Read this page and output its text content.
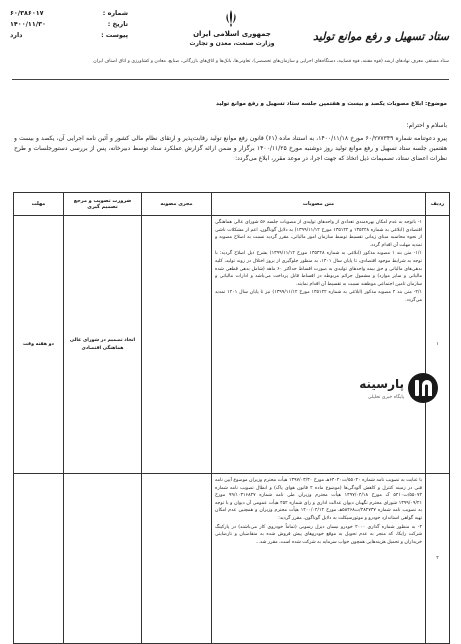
شماره :
۶۰/۳۸۶۰۱۷
تاریخ :
۱۴۰۰/۱۱/۳۰
پیوست :
دارد	جمهوری اسلامی ایران
وزارت صنعت، معدن و تجارت
ستاد تسهیل و رفع موانع تولید
ستاد مستقر، معرف نهادهای ارشد (قوه مقننه، قوه قضاییه، دستگاه‌های اجرایی و سازمان‌های تخصصی)، تعاونی‌ها، بانک‌ها و اتاق‌های بازرگانی، صنایع، معادن و کشاورزی و اتاق اصناف ایران
موضوع: ابلاغ مصوبات یکصد و بیست و هفتمین جلسه ستاد تسهیل و رفع موانع تولید
باسلام و احترام؛
پیرو دعوتنامه شماره ۶۰/۲۷۷۳۴۹ مورخ ۱۴۰۰/۱۱/۱۸، به استناد ماده (۶۱) قانون رفع موانع تولید رقابت‌پذیر و ارتقای نظام مالی کشور و آئین نامه اجرایی آن، یکصد و بیست و هفتمین جلسه ستاد تسهیل و رفع موانع تولید روز دوشنبه مورخ ۱۴۰۰/۱۱/۲۵ برگزار و ضمن ارائه گزارش عملکرد ستاد توسط دبیرخانه، پس از بررسی دستورجلسات و طرح نظرات اعضای ستاد، تصمیمات ذیل اتخاذ که جهت اجرا، در موعد مقرر، ابلاغ می‌گردد:
ردیف	متن مصوبات	مجری مصوبه	ضرورت تصویب و مرجع تصمیم گیری	مهلت
۱	۱- باتوجه به عدم امکان بهره‌مندی تعدادی از واحدهای تولیدی از مصوبات جلسه ۵۶ شورای عالی هماهنگی اقتصادی (ابلاغی به شماره ۱۳۵۴۲۸ و ۱۳۵۱۲۲ مورخ ۱۳۹۹/۱۱/۱۲) به دلایل گوناگون، اعم از مشکلات ناشی از نحوه محاسبه مبنای زمانی تقسیط توسط سازمان امور مالیاتی، مقرر گردید نسبت به اصلاح مصوبه و تمدید مهلت آن اقدام گردد.
۱/۱- متن بند ۱ مصوبه مذکور (ابلاغی به شماره ۱۳۵۴۲۸ مورخ ۱۳۹۹/۱۱/۱۲) بشرح ذیل اصلاح گردید: با توجه به شرایط موجود اقتصادی، تا پایان سال ۱۴۰۱، به منظور جلوگیری از بروز اختلال در روند تولید، کلیه بدهی‌های مالیاتی و حق بیمه واحدهای تولیدی به صورت اقساط حداکثر ۶۰ ماهه (شامل بدهی قطعی شده مالیاتی و سایر موارد) و مشمول جرائم مربوطه در اقساط قابل پرداخت می‌باشد و ادارات مالیاتی و سازمان تامین اجتماعی موظفند نسبت به تقسیط آن اقدام نمایند.
۲/۱- متن بند ۲ مصوبه مذکور (ابلاغی به شماره ۱۳۵۱۲۲ مورخ ۱۳۹۹/۱۱/۱۲) نیز تا پایان سال ۱۴۰۱ تمدید می‌گردد.		اتخاذ تصمیم در شورای عالی هماهنگی اقتصادی	دو هفته وقت
۲	با عنایت به تصویب نامه شماره ۵۵۰۴۰/ت۶۴۰۲۰هـ مورخ ۱۳۹۷/۰۳/۳۰ هیأت محترم وزیران موضوع آیین نامه فنی در زمینه کنترل و کاهش آلودگی‌ها (موضوع ماده ۲ قانون هوای پاک) و ابطال تصویب نامه شماره ۵۵۰۷۴/ت۵۲۱۰ ک مورخ ۱۳۹۷/۰۴/۱۸ هیأت محترم وزیران طی نامه شماره ۹۹/۱۰۳۱۶۸۲۷ مورخ ۱۳۹۹/۰۹/۲۱ شورای محترم نگهبان دیوان عدالت اداری و رای شماره ۴۵۲ هیأت عمومی آن دیوان و با توجه به تصویب نامه شماره ۴۸۲۷۳۷/ت۵۸۴۶۸هـ مورخ ۱۴۰۰/۰۴/۱۲ هیأت محترم وزیران و همچنین عدم امکان تهیه گواهی استاندارد خودرو و موتورسیکلت به دلایل گوناگون، مقرر گردید:
۲- به منظور شماره گذاری ۲۰۰۰ خودرو نیسان دیزل رسوبی (تماماً خودروی کار می‌باشند) در پارکینگ شرکت رایکا، که منجر به عدم تحویل به موقع خودروهای پیش فروش شده به متقاضیان و نارضایتی خریداران و تحمیل هزینه‌هایی همچون خواب سرمایه به شرکت شده است، مقرر شد...			

پارسینه
پایگاه خبری تحلیلی
